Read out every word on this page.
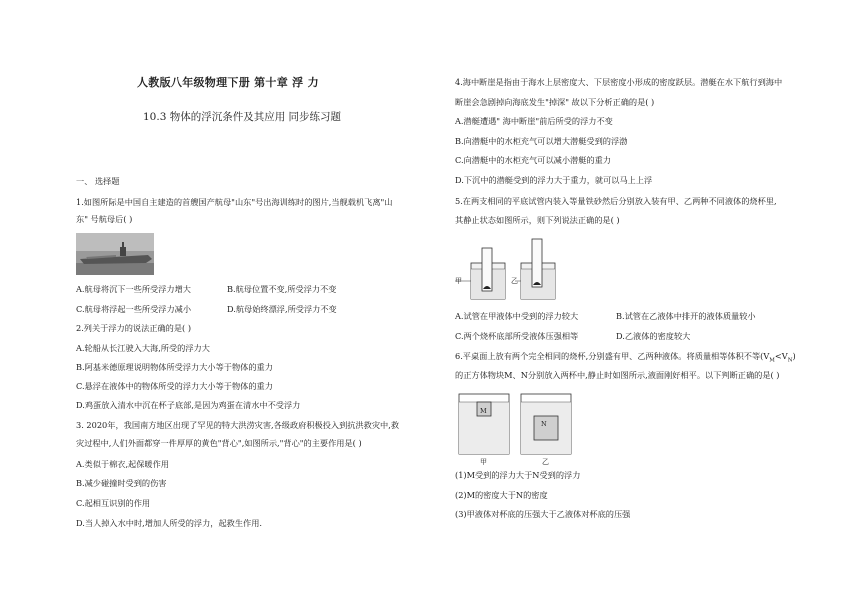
人教版八年级物理下册 第十章 浮 力
10.3 物体的浮沉条件及其应用 同步练习题
一、 选择题
1.如图所际是中国自主建造的首艘国产航母"山东"号出海训练时的图片,当舰载机飞离"山
东" 号航母后( )
A.航母将沉下一些所受浮力增大	B.航母位置不变,所受浮力不变
C.航母将浮起一些所受浮力减小	D.航母始终漂浮,所受浮力不变
2.列关于浮力的说法正确的是( )
A.轮船从长江驶入大海,所受的浮力大
B.阿基米德原理说明物体所受浮力大小等于物体的重力
C.悬浮在液体中的物体所受的浮力大小等于物体的重力
D.鸡蛋放入清水中沉在杯子底部,是因为鸡蛋在清水中不受浮力
3. 2020年，我国南方地区出现了罕见的特大洪涝灾害,各级政府积极投入到抗洪救灾中,救
灾过程中,人们外面都穿一件厚厚的黄色"背心",如图所示,"背心"的主要作用是( )
A.类似于棉衣,起保暖作用
B.减少碰撞时受到的伤害
C.起相互识别的作用
D.当人掉入水中时,增加人所受的浮力，起救生作用.
4.海中断崖是指由于海水上层密度大、下层密度小形成的密度跃层。潜艇在水下航行到海中
断崖会急剧掉向海底发生"掉深" 故以下分析正确的是( )
A.潜艇遭遇" 海中断崖"前后所受的浮力不变
B.向潜艇中的水柜充气可以增大潜艇受到的浮渤
C.向潜艇中的水柜充气可以减小潜艇的重力
D.下沉中的潜艇受到的浮力大于重力，就可以马上上浮
5.在两支相同的平底试管内装入等量铁砂然后分别放入装有甲、乙两种不同液体的烧杯里,
其静止状态如图所示，则下列说法正确的是( )
甲	乙
A.试管在甲液体中受到的浮力较大	B.试管在乙液体中排开的液体质量较小
C.两个烧杯底部所受液体压强相等	D.乙液体的密度较大
6.平桌面上放有两个完全相同的烧杯,分别盛有甲、乙两种液体。将质量相等体积不等$(V_M<V_N)$
的正方体物块M、N分别放入两杯中,静止时如图所示,液面刚好相平。以下判断正确的是( )
M
N
甲	乙
(1)M受到的浮力大于N受到的浮力
(2)M的密度大于N的密度
(3)甲液体对杯底的压强大于乙液体对杯底的压强
